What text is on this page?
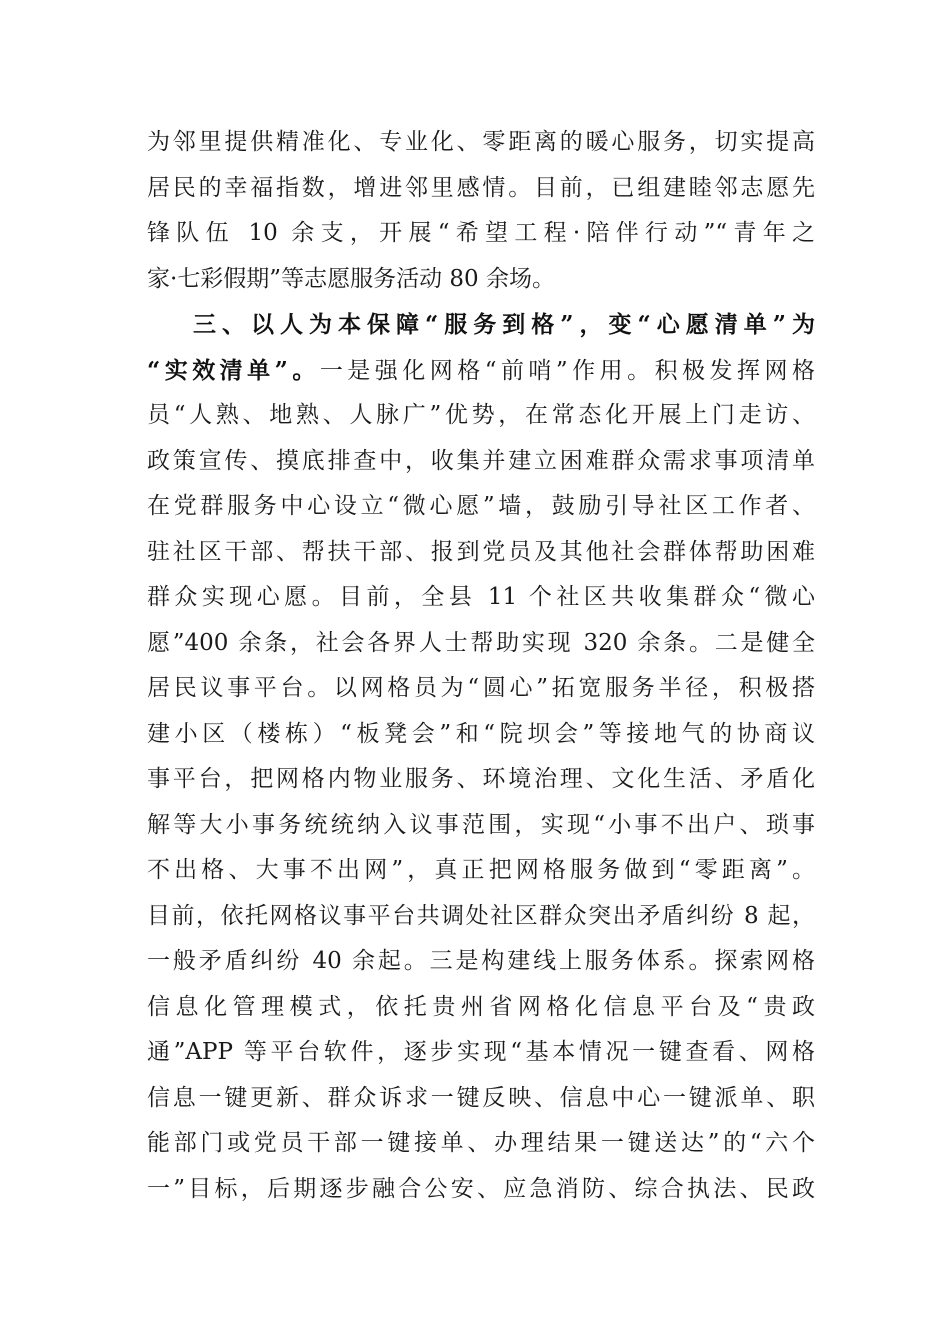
为邻里提供精准化、专业化、零距离的暖心服务，切实提高
居民的幸福指数，增进邻里感情。目前，已组建睦邻志愿先
锋队伍 10 余支，开展“希望工程·陪伴行动”“青年之
家·七彩假期”等志愿服务活动 80 余场。
三、以人为本保障“服务到格”，变“心愿清单”为
“实效清单”。一是强化网格“前哨”作用。积极发挥网格
员“人熟、地熟、人脉广”优势，在常态化开展上门走访、
政策宣传、摸底排查中，收集并建立困难群众需求事项清单
在党群服务中心设立“微心愿”墙，鼓励引导社区工作者、
驻社区干部、帮扶干部、报到党员及其他社会群体帮助困难
群众实现心愿。目前，全县 11 个社区共收集群众“微心
愿”400 余条，社会各界人士帮助实现 320 余条。二是健全
居民议事平台。以网格员为“圆心”拓宽服务半径，积极搭
建小区（楼栋）“板凳会”和“院坝会”等接地气的协商议
事平台，把网格内物业服务、环境治理、文化生活、矛盾化
解等大小事务统统纳入议事范围，实现“小事不出户、琐事
不出格、大事不出网”，真正把网格服务做到“零距离”。
目前，依托网格议事平台共调处社区群众突出矛盾纠纷 8 起，
一般矛盾纠纷 40 余起。三是构建线上服务体系。探索网格
信息化管理模式，依托贵州省网格化信息平台及“贵政
通”APP 等平台软件，逐步实现“基本情况一键查看、网格
信息一键更新、群众诉求一键反映、信息中心一键派单、职
能部门或党员干部一键接单、办理结果一键送达”的“六个
一”目标，后期逐步融合公安、应急消防、综合执法、民政
